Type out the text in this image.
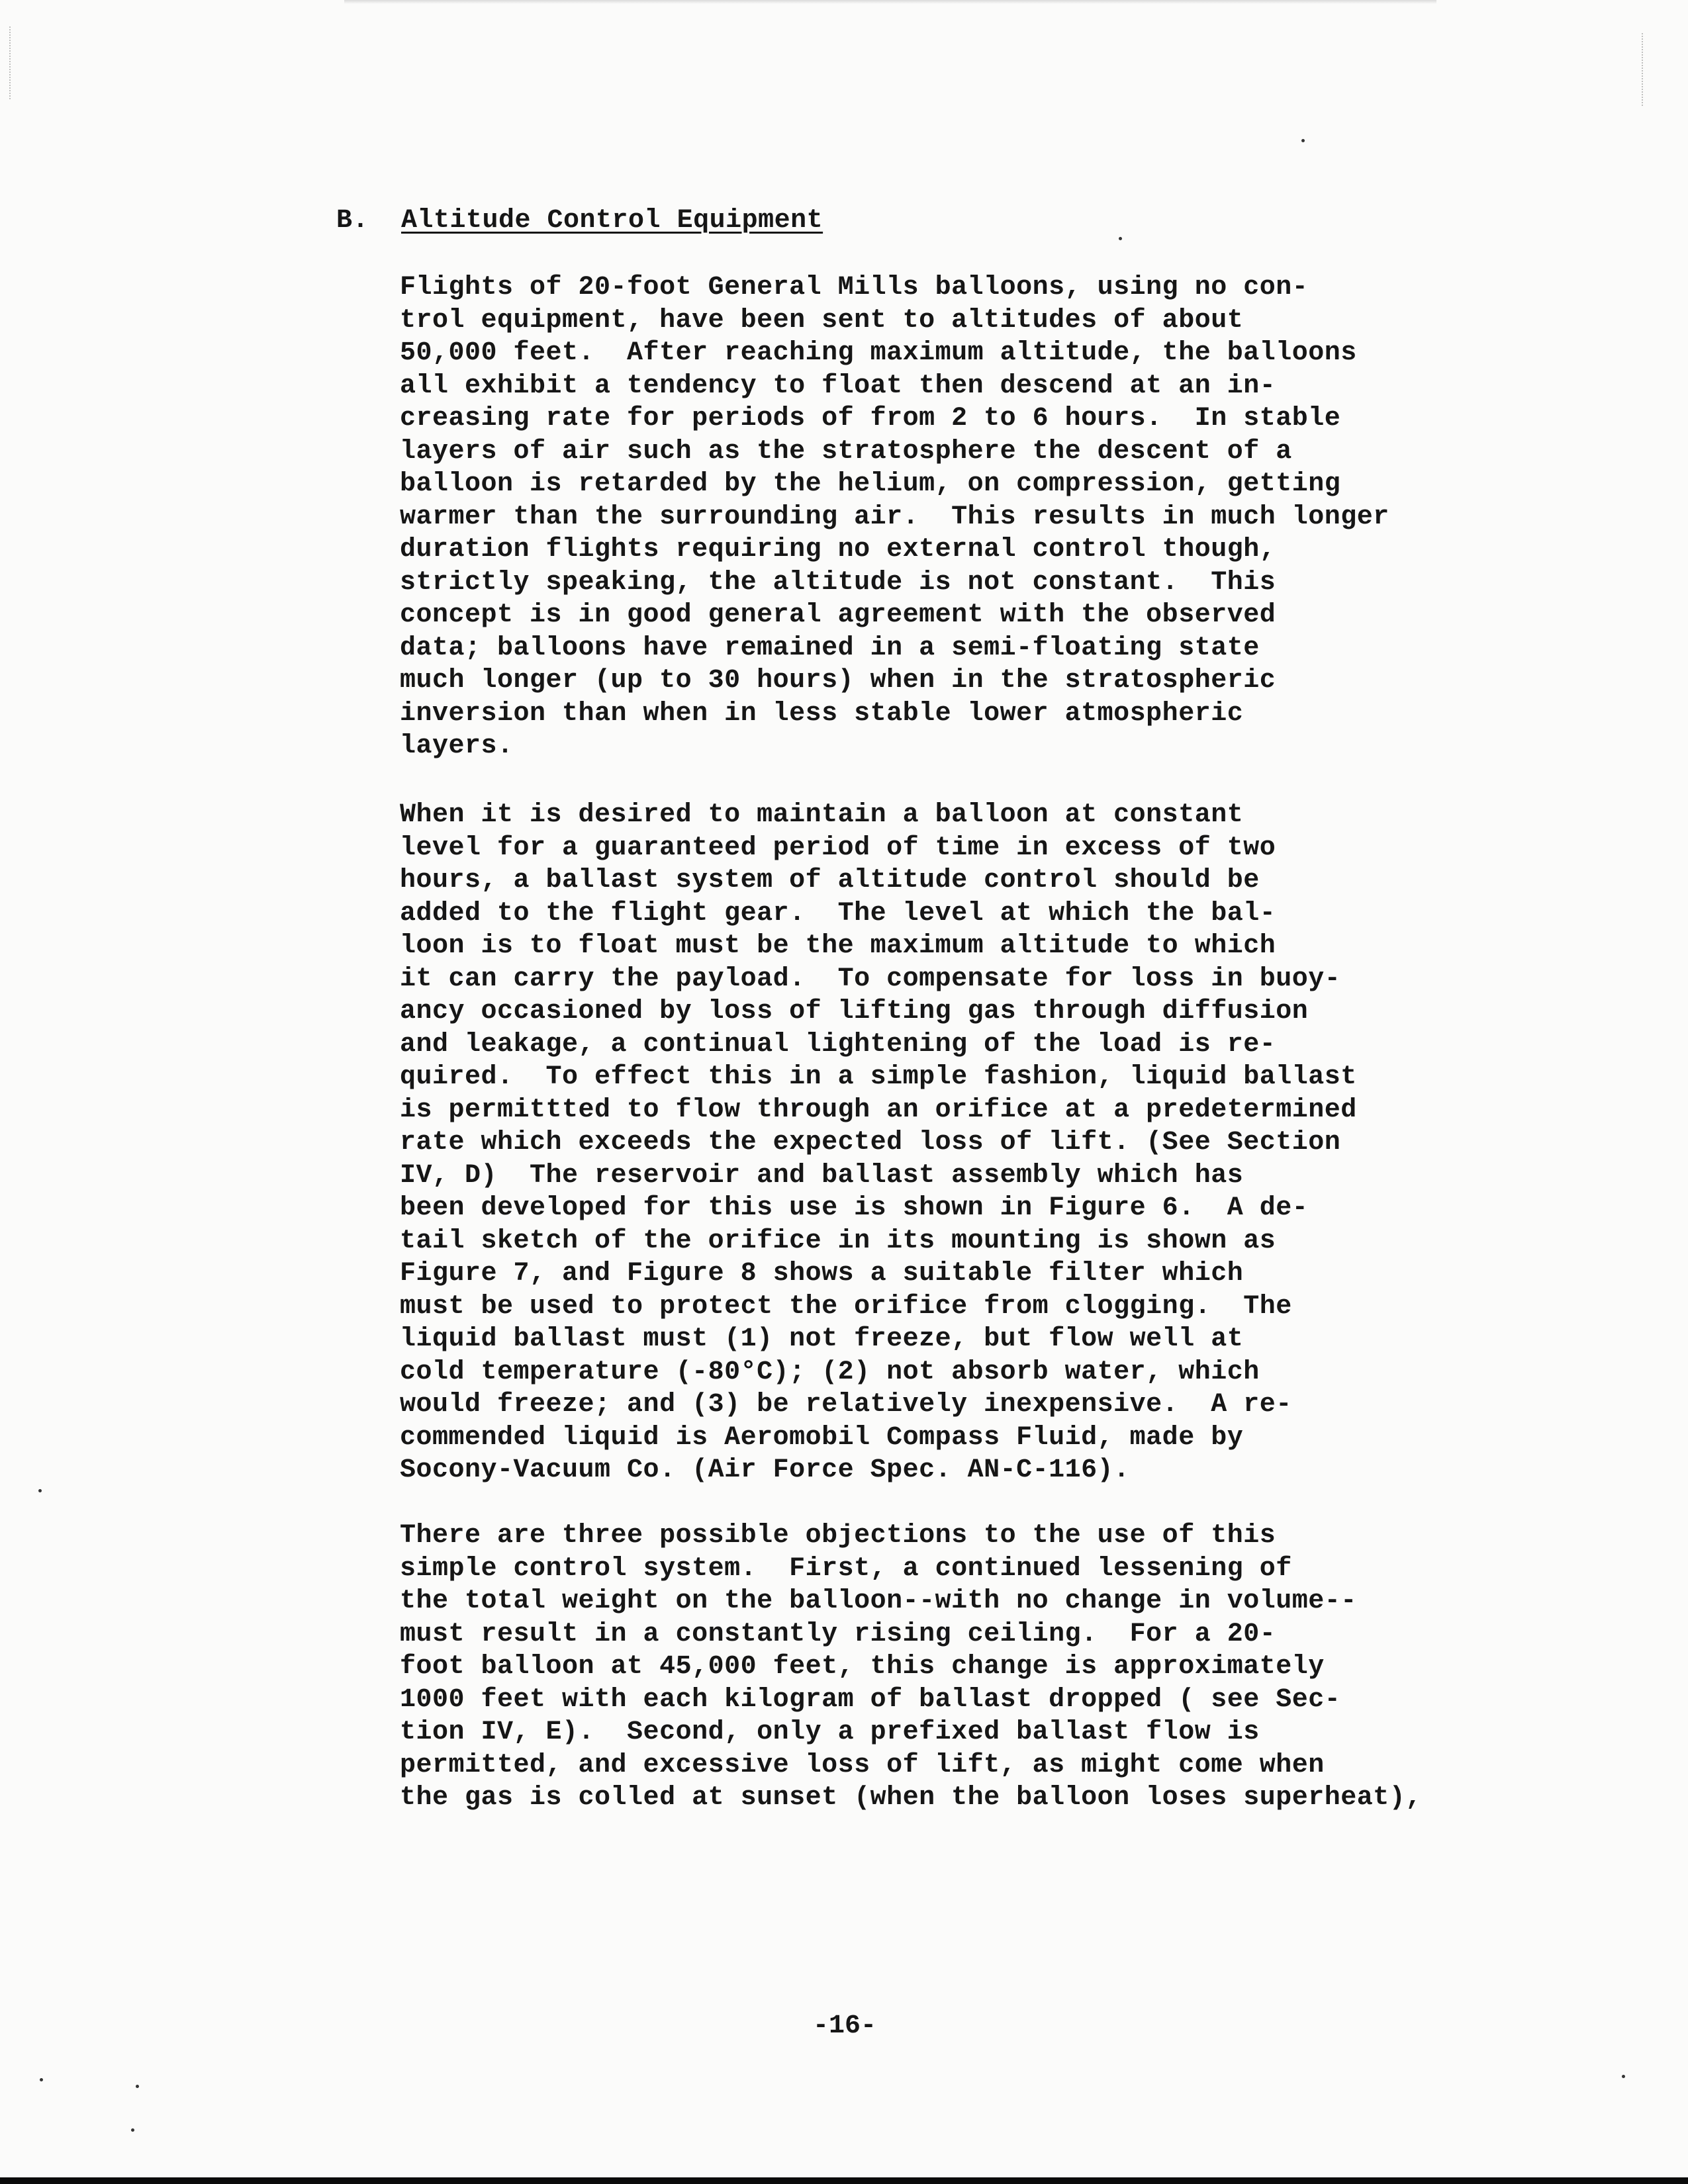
B. Altitude Control Equipment
Flights of 20-foot General Mills balloons, using no con-
trol equipment, have been sent to altitudes of about
50,000 feet.  After reaching maximum altitude, the balloons
all exhibit a tendency to float then descend at an in-
creasing rate for periods of from 2 to 6 hours.  In stable
layers of air such as the stratosphere the descent of a
balloon is retarded by the helium, on compression, getting
warmer than the surrounding air.  This results in much longer
duration flights requiring no external control though,
strictly speaking, the altitude is not constant.  This
concept is in good general agreement with the observed
data; balloons have remained in a semi-floating state
much longer (up to 30 hours) when in the stratospheric
inversion than when in less stable lower atmospheric
layers.
When it is desired to maintain a balloon at constant
level for a guaranteed period of time in excess of two
hours, a ballast system of altitude control should be
added to the flight gear.  The level at which the bal-
loon is to float must be the maximum altitude to which
it can carry the payload.  To compensate for loss in buoy-
ancy occasioned by loss of lifting gas through diffusion
and leakage, a continual lightening of the load is re-
quired.  To effect this in a simple fashion, liquid ballast
is permittted to flow through an orifice at a predetermined
rate which exceeds the expected loss of lift. (See Section
IV, D)  The reservoir and ballast assembly which has
been developed for this use is shown in Figure 6.  A de-
tail sketch of the orifice in its mounting is shown as
Figure 7, and Figure 8 shows a suitable filter which
must be used to protect the orifice from clogging.  The
liquid ballast must (1) not freeze, but flow well at
cold temperature (-80°C); (2) not absorb water, which
would freeze; and (3) be relatively inexpensive.  A re-
commended liquid is Aeromobil Compass Fluid, made by
Socony-Vacuum Co. (Air Force Spec. AN-C-116).
There are three possible objections to the use of this
simple control system.  First, a continued lessening of
the total weight on the balloon--with no change in volume--
must result in a constantly rising ceiling.  For a 20-
foot balloon at 45,000 feet, this change is approximately
1000 feet with each kilogram of ballast dropped ( see Sec-
tion IV, E).  Second, only a prefixed ballast flow is
permitted, and excessive loss of lift, as might come when
the gas is colled at sunset (when the balloon loses superheat),
-16-
